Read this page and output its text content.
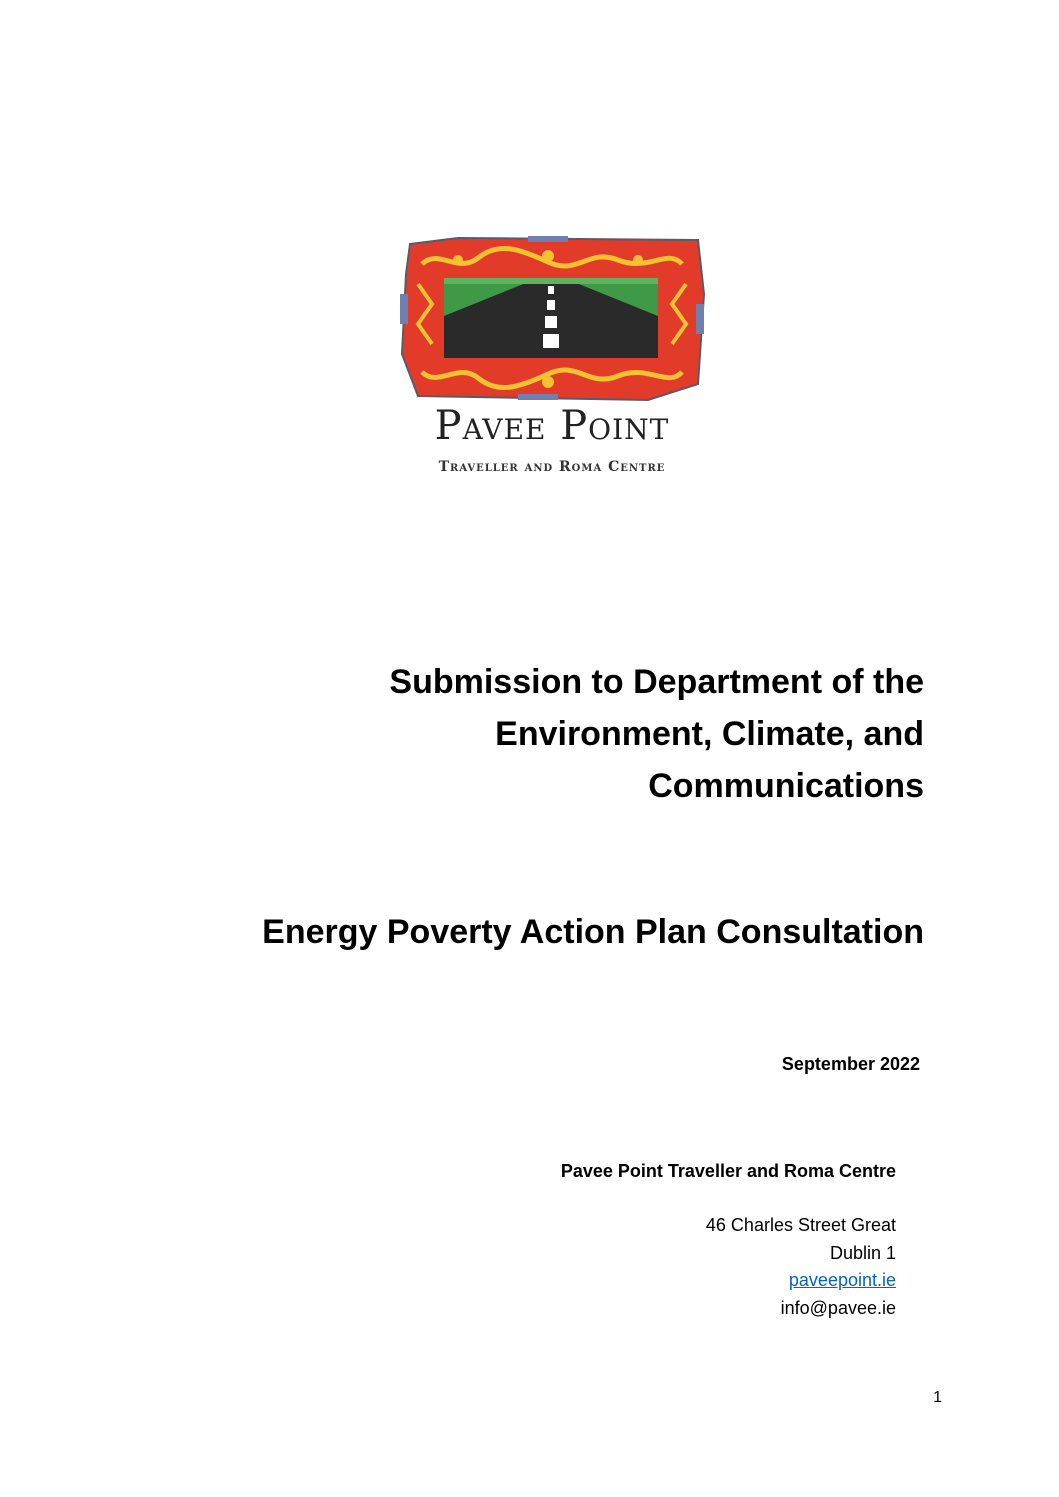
Pavee Point
Traveller and Roma Centre
Submission to Department of the
Environment, Climate, and
Communications
Energy Poverty Action Plan Consultation
September 2022
Pavee Point Traveller and Roma Centre
46 Charles Street Great
Dublin 1
paveepoint.ie
info@pavee.ie
1
